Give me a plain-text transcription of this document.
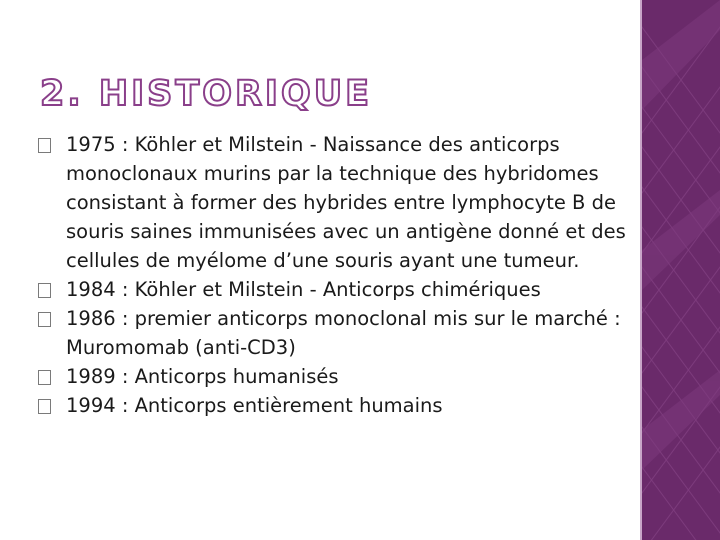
2. HISTORIQUE
1975 : Köhler et Milstein - Naissance des anticorps monoclonaux murins par la technique des hybridomes consistant à former des hybrides entre lymphocyte B de souris saines immunisées avec un antigène donné et des cellules de myélome d’une souris ayant une tumeur.
1984 : Köhler et Milstein - Anticorps chimériques
1986 : premier anticorps monoclonal mis sur le marché : Muromomab (anti-CD3)
1989 : Anticorps humanisés
1994 : Anticorps entièrement humains
